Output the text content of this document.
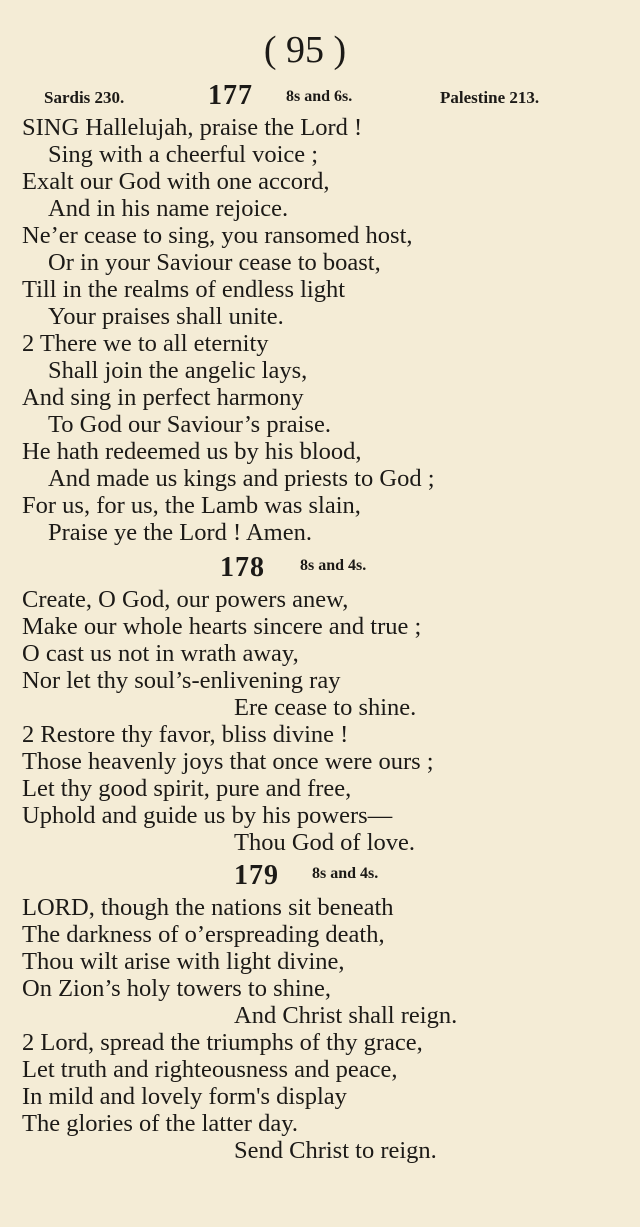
( 95 )
Sardis 230.	177 8s and 6s.	Palestine 213.
SING Hallelujah, praise the Lord !
Sing with a cheerful voice ;
Exalt our God with one accord,
And in his name rejoice.
Ne’er cease to sing, you ransomed host,
Or in your Saviour cease to boast,
Till in the realms of endless light
Your praises shall unite.
2 There we to all eternity
Shall join the angelic lays,
And sing in perfect harmony
To God our Saviour’s praise.
He hath redeemed us by his blood,
And made us kings and priests to God ;
For us, for us, the Lamb was slain,
Praise ye the Lord ! Amen.
178 8s and 4s.
Create, O God, our powers anew,
Make our whole hearts sincere and true ;
O cast us not in wrath away,
Nor let thy soul’s-enlivening ray
Ere cease to shine.
2 Restore thy favor, bliss divine !
Those heavenly joys that once were ours ;
Let thy good spirit, pure and free,
Uphold and guide us by his powers—
Thou God of love.
179 8s and 4s.
LORD, though the nations sit beneath
The darkness of o’erspreading death,
Thou wilt arise with light divine,
On Zion’s holy towers to shine,
And Christ shall reign.
2 Lord, spread the triumphs of thy grace,
Let truth and righteousness and peace,
In mild and lovely form's display
The glories of the latter day.
Send Christ to reign.
